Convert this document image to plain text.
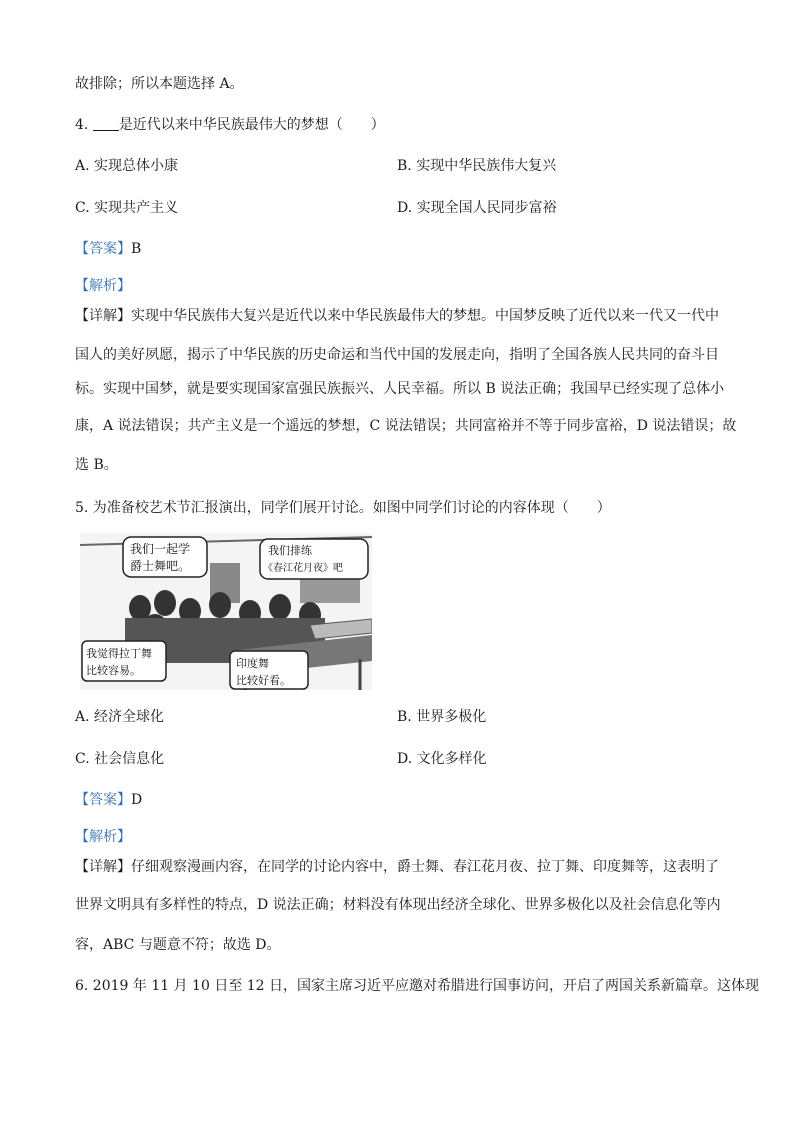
故排除；所以本题选择 A。
4. 是近代以来中华民族最伟大的梦想（　　）
A. 实现总体小康	B. 实现中华民族伟大复兴
C. 实现共产主义	D. 实现全国人民同步富裕
【答案】B
【解析】
【详解】实现中华民族伟大复兴是近代以来中华民族最伟大的梦想。中国梦反映了近代以来一代又一代中
国人的美好夙愿，揭示了中华民族的历史命运和当代中国的发展走向，指明了全国各族人民共同的奋斗目
标。实现中国梦，就是要实现国家富强民族振兴、人民幸福。所以 B 说法正确；我国早已经实现了总体小
康，A 说法错误；共产主义是一个遥远的梦想，C 说法错误；共同富裕并不等于同步富裕，D 说法错误；故
选 B。
5. 为准备校艺术节汇报演出，同学们展开讨论。如图中同学们讨论的内容体现（　　）
我们一起学
爵士舞吧。
我们排练
《春江花月夜》吧
我觉得拉丁舞
比较容易。
印度舞
比较好看。
A. 经济全球化	B. 世界多极化
C. 社会信息化	D. 文化多样化
【答案】D
【解析】
【详解】仔细观察漫画内容，在同学的讨论内容中，爵士舞、春江花月夜、拉丁舞、印度舞等，这表明了
世界文明具有多样性的特点，D 说法正确；材料没有体现出经济全球化、世界多极化以及社会信息化等内
容，ABC 与题意不符；故选 D。
6. 2019 年 11 月 10 日至 12 日，国家主席习近平应邀对希腊进行国事访问，开启了两国关系新篇章。这体现
